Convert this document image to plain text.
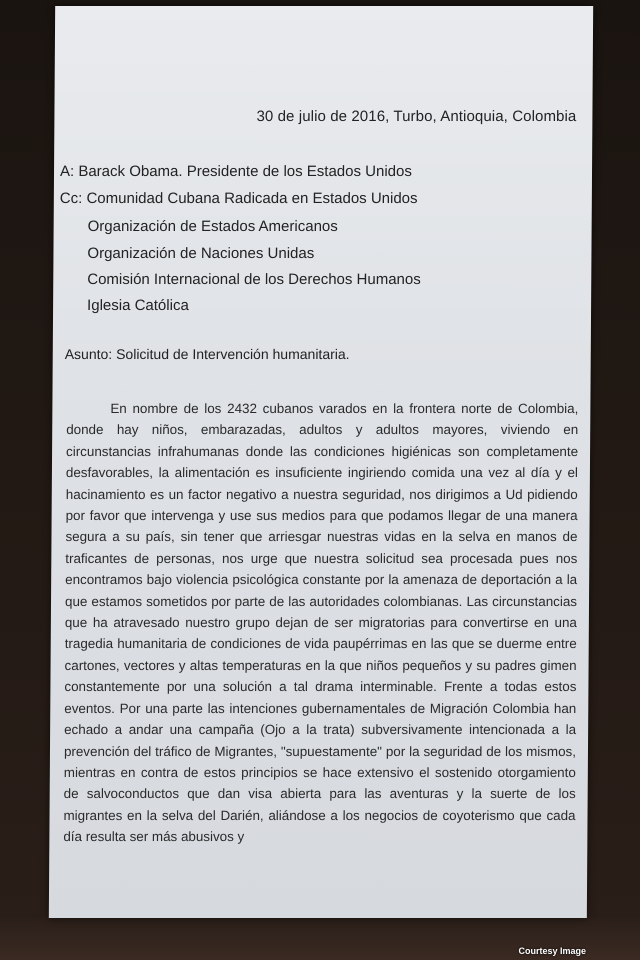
30 de julio de 2016, Turbo, Antioquia, Colombia
A: Barack Obama. Presidente de los Estados Unidos
Cc: Comunidad Cubana Radicada en Estados Unidos
Organización de Estados Americanos
Organización de Naciones Unidas
Comisión Internacional de los Derechos Humanos
Iglesia Católica
Asunto: Solicitud de Intervención humanitaria.

En nombre de los 2432 cubanos varados en la frontera norte de Colombia, donde hay niños, embarazadas, adultos y adultos mayores, viviendo en circunstancias infrahumanas donde las condiciones higiénicas son completamente desfavorables, la alimentación es insuficiente ingiriendo comida una vez al día y el hacinamiento es un factor negativo a nuestra seguridad, nos dirigimos a Ud pidiendo por favor que intervenga y use sus medios para que podamos llegar de una manera segura a su país, sin tener que arriesgar nuestras vidas en la selva en manos de traficantes de personas, nos urge que nuestra solicitud sea procesada pues nos encontramos bajo violencia psicológica constante por la amenaza de deportación a la que estamos sometidos por parte de las autoridades colombianas. Las circunstancias que ha atravesado nuestro grupo dejan de ser migratorias para convertirse en una tragedia humanitaria de condiciones de vida paupérrimas en las que se duerme entre cartones, vectores y altas temperaturas en la que niños pequeños y su padres gimen constantemente por una solución a tal drama interminable. Frente a todas estos eventos. Por una parte las intenciones gubernamentales de Migración Colombia han echado a andar una campaña (Ojo a la trata) subversivamente intencionada a la prevención del tráfico de Migrantes, "supuestamente" por la seguridad de los mismos, mientras en contra de estos principios se hace extensivo el sostenido otorgamiento de salvoconductos que dan visa abierta para las aventuras y la suerte de los migrantes en la selva del Darién, aliándose a los negocios de coyoterismo que cada día resulta ser más abusivos y

Courtesy Image
